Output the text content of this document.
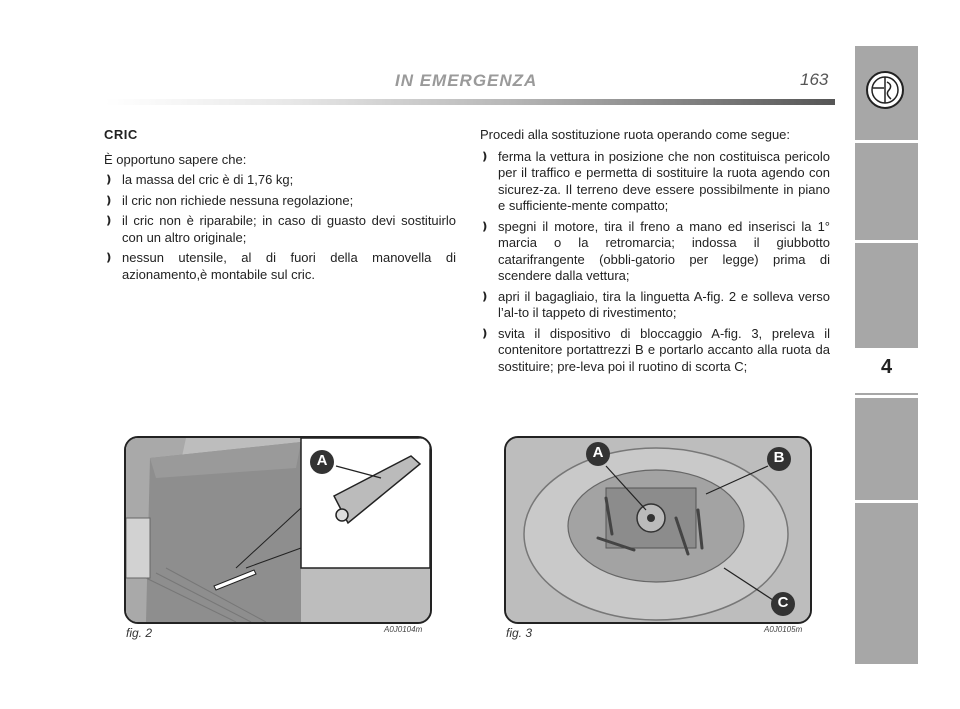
IN EMERGENZA	163
4
CRIC

È opportuno sapere che:

❫ la massa del cric è di 1,76 kg;
❫ il cric non richiede nessuna regolazione;
❫ il cric non è riparabile; in caso di guasto devi sostituirlo con un altro originale;
❫ nessun utensile, al di fuori della manovella di azionamento,è montabile sul cric.

Procedi alla sostituzione ruota operando come segue:

❫ ferma la vettura in posizione che non costituisca pericolo per il traffico e permetta di sostituire la ruota agendo con sicurez-za. Il terreno deve essere possibilmente in piano e sufficiente-mente compatto;
❫ spegni il motore, tira il freno a mano ed inserisci la 1° marcia o la retromarcia; indossa il giubbotto catarifrangente (obbli-gatorio per legge) prima di scendere dalla vettura;
❫ apri il bagagliaio, tira la linguetta A-fig. 2 e solleva verso l’al-to il tappeto di rivestimento;
❫ svita il dispositivo di bloccaggio A-fig. 3, preleva il contenitore portattrezzi B e portarlo accanto alla ruota da sostituire; pre-leva poi il ruotino di scorta C;
A
fig. 2	A0J0104m
A	B
C
fig. 3	A0J0105m
